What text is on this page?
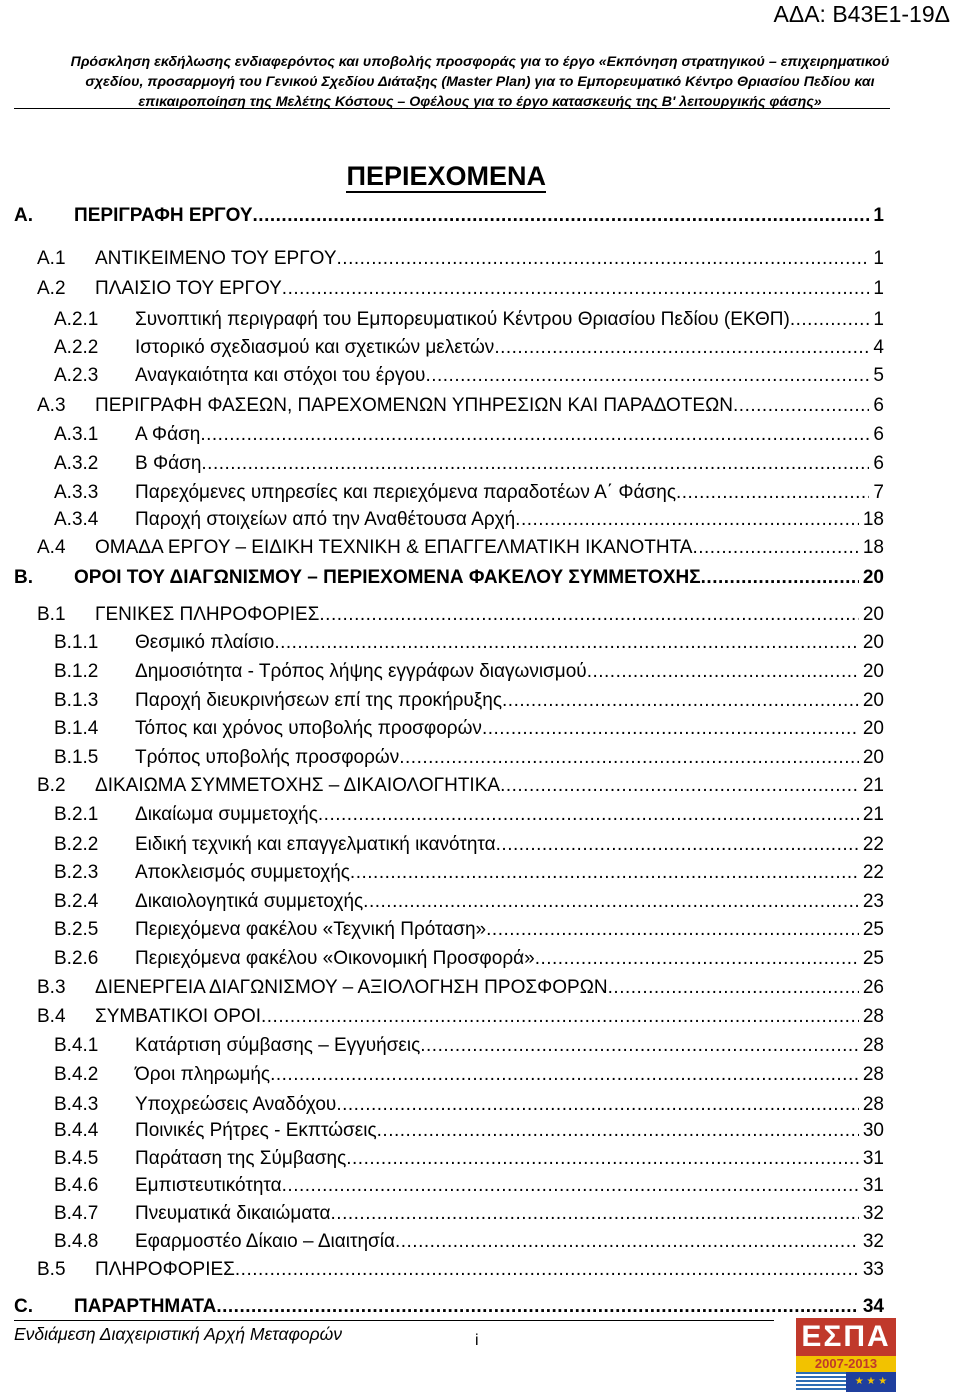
ΑΔΑ: Β43Ε1-19Δ
Πρόσκληση εκδήλωσης ενδιαφερόντος και υποβολής προσφοράς για το έργο «Εκπόνηση στρατηγικού – επιχειρηματικού
σχεδίου, προσαρμογή του Γενικού Σχεδίου Διάταξης (Master Plan) για το Εμπορευματικό Κέντρο Θριασίου Πεδίου και
επικαιροποίηση της Μελέτης Κόστους – Οφέλους για το έργο κατασκευής της Β' λειτουργικής φάσης»
ΠΕΡΙΕΧΟΜΕΝΑ
A.	ΠΕΡΙΓΡΑΦΗ ΕΡΓΟΥ .....	1
A.1	ΑΝΤΙΚΕΙΜΕΝΟ ΤΟΥ ΕΡΓΟΥ .....	1
A.2	ΠΛΑΙΣΙΟ ΤΟΥ ΕΡΓΟΥ .....	1
A.2.1	Συνοπτική περιγραφή του Εμπορευματικού Κέντρου Θριασίου Πεδίου (ΕΚΘΠ) .....	1
A.2.2	Ιστορικό σχεδιασμού και σχετικών μελετών .....	4
A.2.3	Αναγκαιότητα και στόχοι του έργου .....	5
A.3	ΠΕΡΙΓΡΑΦΗ ΦΑΣΕΩΝ, ΠΑΡΕΧΟΜΕΝΩΝ ΥΠΗΡΕΣΙΩΝ ΚΑΙ ΠΑΡΑΔΟΤΕΩΝ .....	6
A.3.1	Α Φάση .....	6
A.3.2	Β Φάση .....	6
A.3.3	Παρεχόμενες υπηρεσίες και περιεχόμενα παραδοτέων Α΄ Φάσης .....	7
A.3.4	Παροχή στοιχείων από την Αναθέτουσα Αρχή .....	18
A.4	ΟΜΑΔΑ ΕΡΓΟΥ – ΕΙΔΙΚΗ ΤΕΧΝΙΚΗ & ΕΠΑΓΓΕΛΜΑΤΙΚΗ ΙΚΑΝΟΤΗΤΑ .....	18
B.	ΟΡΟΙ ΤΟΥ ΔΙΑΓΩΝΙΣΜΟΥ – ΠΕΡΙΕΧΟΜΕΝΑ ΦΑΚΕΛΟΥ ΣΥΜΜΕΤΟΧΗΣ .....	20
B.1	ΓΕΝΙΚΕΣ ΠΛΗΡΟΦΟΡΙΕΣ .....	20
B.1.1	Θεσμικό πλαίσιο .....	20
B.1.2	Δημοσιότητα - Τρόπος λήψης εγγράφων διαγωνισμού .....	20
B.1.3	Παροχή διευκρινήσεων επί της προκήρυξης .....	20
B.1.4	Τόπος και χρόνος υποβολής προσφορών .....	20
B.1.5	Τρόπος υποβολής προσφορών .....	20
B.2	ΔΙΚΑΙΩΜΑ ΣΥΜΜΕΤΟΧΗΣ – ΔΙΚΑΙΟΛΟΓΗΤΙΚΑ .....	21
B.2.1	Δικαίωμα συμμετοχής .....	21
B.2.2	Ειδική τεχνική και επαγγελματική ικανότητα .....	22
B.2.3	Αποκλεισμός συμμετοχής .....	22
B.2.4	Δικαιολογητικά συμμετοχής .....	23
B.2.5	Περιεχόμενα φακέλου «Τεχνική Πρόταση» .....	25
B.2.6	Περιεχόμενα φακέλου «Οικονομική Προσφορά» .....	25
B.3	ΔΙΕΝΕΡΓΕΙΑ ΔΙΑΓΩΝΙΣΜΟΥ – ΑΞΙΟΛΟΓΗΣΗ ΠΡΟΣΦΟΡΩΝ .....	26
B.4	ΣΥΜΒΑΤΙΚΟΙ ΟΡΟΙ .....	28
B.4.1	Κατάρτιση σύμβασης – Εγγυήσεις .....	28
B.4.2	Όροι πληρωμής .....	28
B.4.3	Υποχρεώσεις Αναδόχου .....	28
B.4.4	Ποινικές Ρήτρες - Εκπτώσεις .....	30
B.4.5	Παράταση της Σύμβασης .....	31
B.4.6	Εμπιστευτικότητα .....	31
B.4.7	Πνευματικά δικαιώματα .....	32
B.4.8	Εφαρμοστέο Δίκαιο – Διαιτησία .....	32
B.5	ΠΛΗΡΟΦΟΡΙΕΣ .....	33
C.	ΠΑΡΑΡΤΗΜΑΤΑ .....	34
Ενδιάμεση Διαχειριστική Αρχή Μεταφορών	i	ΕΣΠΑ
2007-2013
★ ★ ★
